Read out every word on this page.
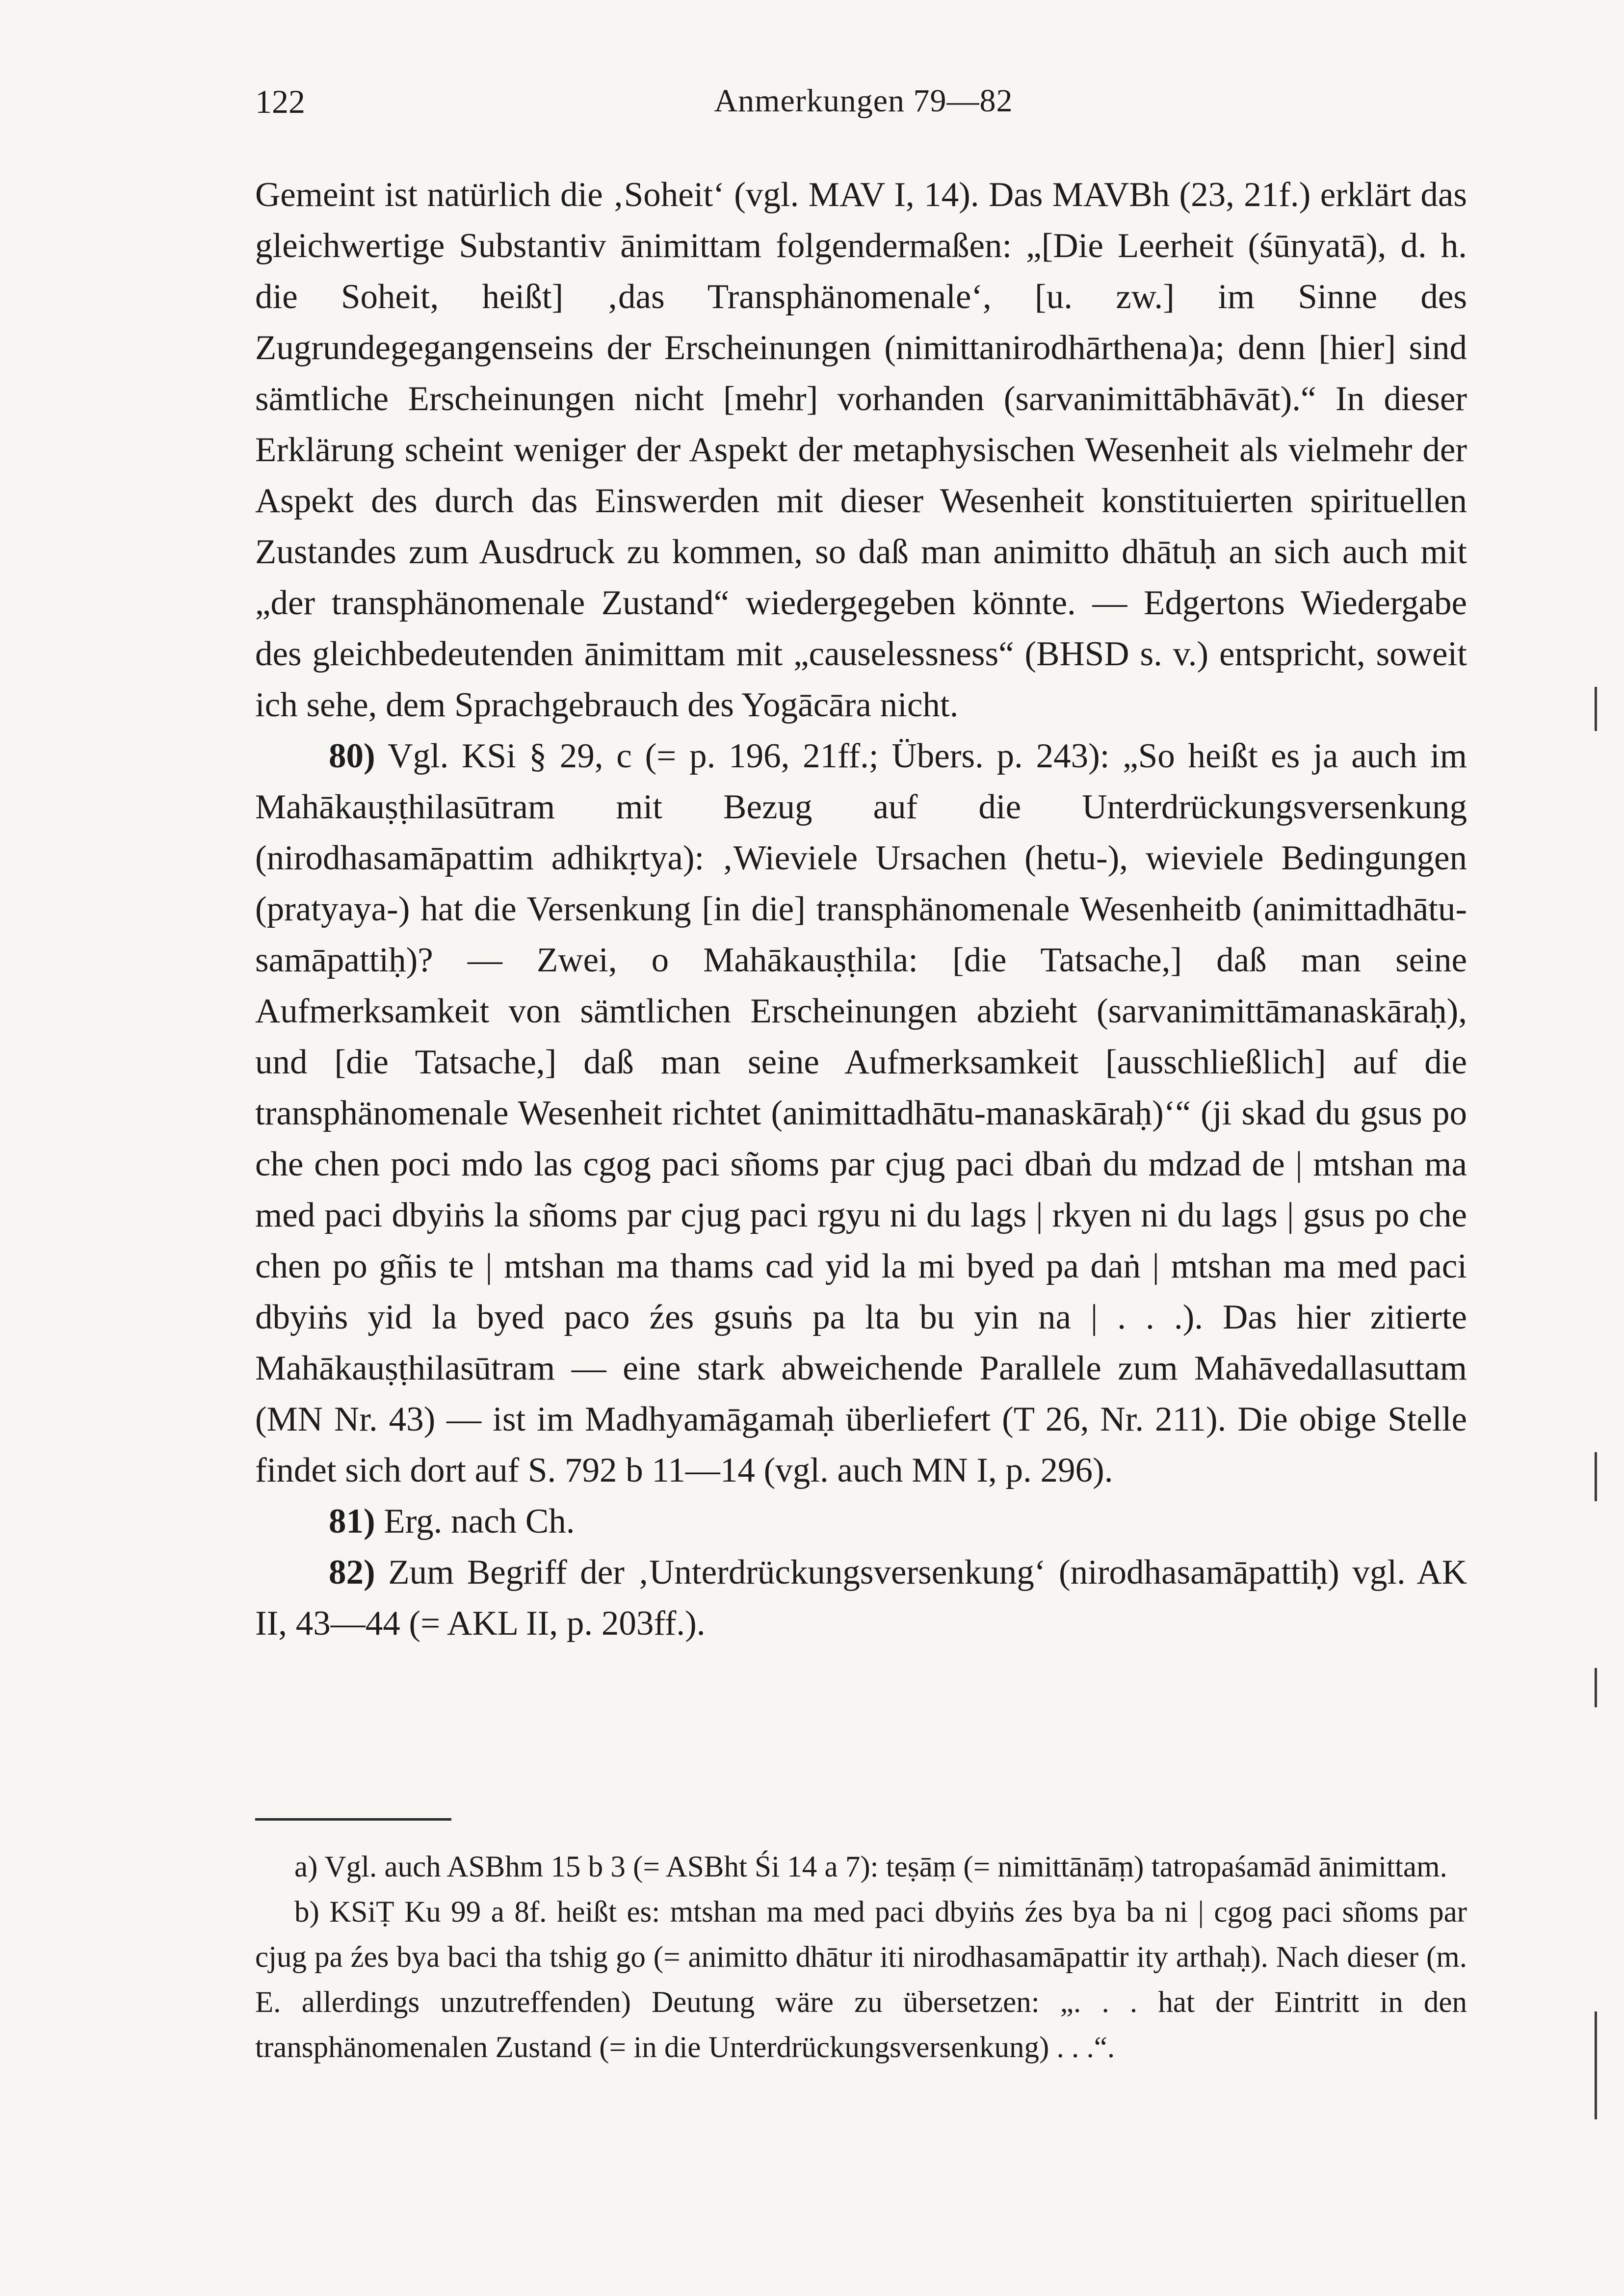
122	Anmerkungen 79—82

Gemeint ist natürlich die ‚Soheit‘ (vgl. MAV I, 14). Das MAVBh (23, 21f.) erklärt das gleichwertige Substantiv ānimittam folgendermaßen: „[Die Leerheit (śūnyatā), d. h. die Soheit, heißt] ‚das Transphänomenale‘, [u. zw.] im Sinne des Zugrundegegangenseins der Erscheinungen (nimittanirodhārthena)a; denn [hier] sind sämtliche Erscheinungen nicht [mehr] vorhanden (sarvanimittābhāvāt).“ In dieser Erklärung scheint weniger der Aspekt der metaphysischen Wesenheit als vielmehr der Aspekt des durch das Einswerden mit dieser Wesenheit konstituierten spirituellen Zustandes zum Ausdruck zu kommen, so daß man animitto dhātuḥ an sich auch mit „der transphänomenale Zustand“ wiedergegeben könnte. — Edgertons Wiedergabe des gleichbedeutenden ānimittam mit „causelessness“ (BHSD s. v.) entspricht, soweit ich sehe, dem Sprachgebrauch des Yogācāra nicht.

80) Vgl. KSi § 29, c (= p. 196, 21ff.; Übers. p. 243): „So heißt es ja auch im Mahākauṣṭhilasūtram mit Bezug auf die Unterdrückungsversenkung (nirodhasamāpattim adhikṛtya): ‚Wieviele Ursachen (hetu-), wieviele Bedingungen (pratyaya-) hat die Versenkung [in die] transphänomenale Wesenheitb (animittadhātu-samāpattiḥ)? — Zwei, o Mahākauṣṭhila: [die Tatsache,] daß man seine Aufmerksamkeit von sämtlichen Erscheinungen abzieht (sarvanimittāmanaskāraḥ), und [die Tatsache,] daß man seine Aufmerksamkeit [ausschließlich] auf die transphänomenale Wesenheit richtet (animittadhātu-manaskāraḥ)‘“ (ji skad du gsus po che chen poci mdo las cgog paci sñoms par cjug paci dbaṅ du mdzad de | mtshan ma med paci dbyiṅs la sñoms par cjug paci rgyu ni du lags | rkyen ni du lags | gsus po che chen po gñis te | mtshan ma thams cad yid la mi byed pa daṅ | mtshan ma med paci dbyiṅs yid la byed paco źes gsuṅs pa lta bu yin na | . . .). Das hier zitierte Mahākauṣṭhilasūtram — eine stark abweichende Parallele zum Mahāvedallasuttam (MN Nr. 43) — ist im Madhyamāgamaḥ überliefert (T 26, Nr. 211). Die obige Stelle findet sich dort auf S. 792 b 11—14 (vgl. auch MN I, p. 296).

81) Erg. nach Ch.

82) Zum Begriff der ‚Unterdrückungsversenkung‘ (nirodhasamāpattiḥ) vgl. AK II, 43—44 (= AKL II, p. 203ff.).

a) Vgl. auch ASBhm 15 b 3 (= ASBht Śi 14 a 7): teṣāṃ (= nimittānāṃ) tatropaśamād ānimittam.

b) KSiṬ Ku 99 a 8f. heißt es: mtshan ma med paci dbyiṅs źes bya ba ni | cgog paci sñoms par cjug pa źes bya baci tha tshig go (= animitto dhātur iti nirodhasamāpattir ity arthaḥ). Nach dieser (m. E. allerdings unzutreffenden) Deutung wäre zu übersetzen: „. . . hat der Eintritt in den transphänomenalen Zustand (= in die Unterdrückungsversenkung) . . .“.
